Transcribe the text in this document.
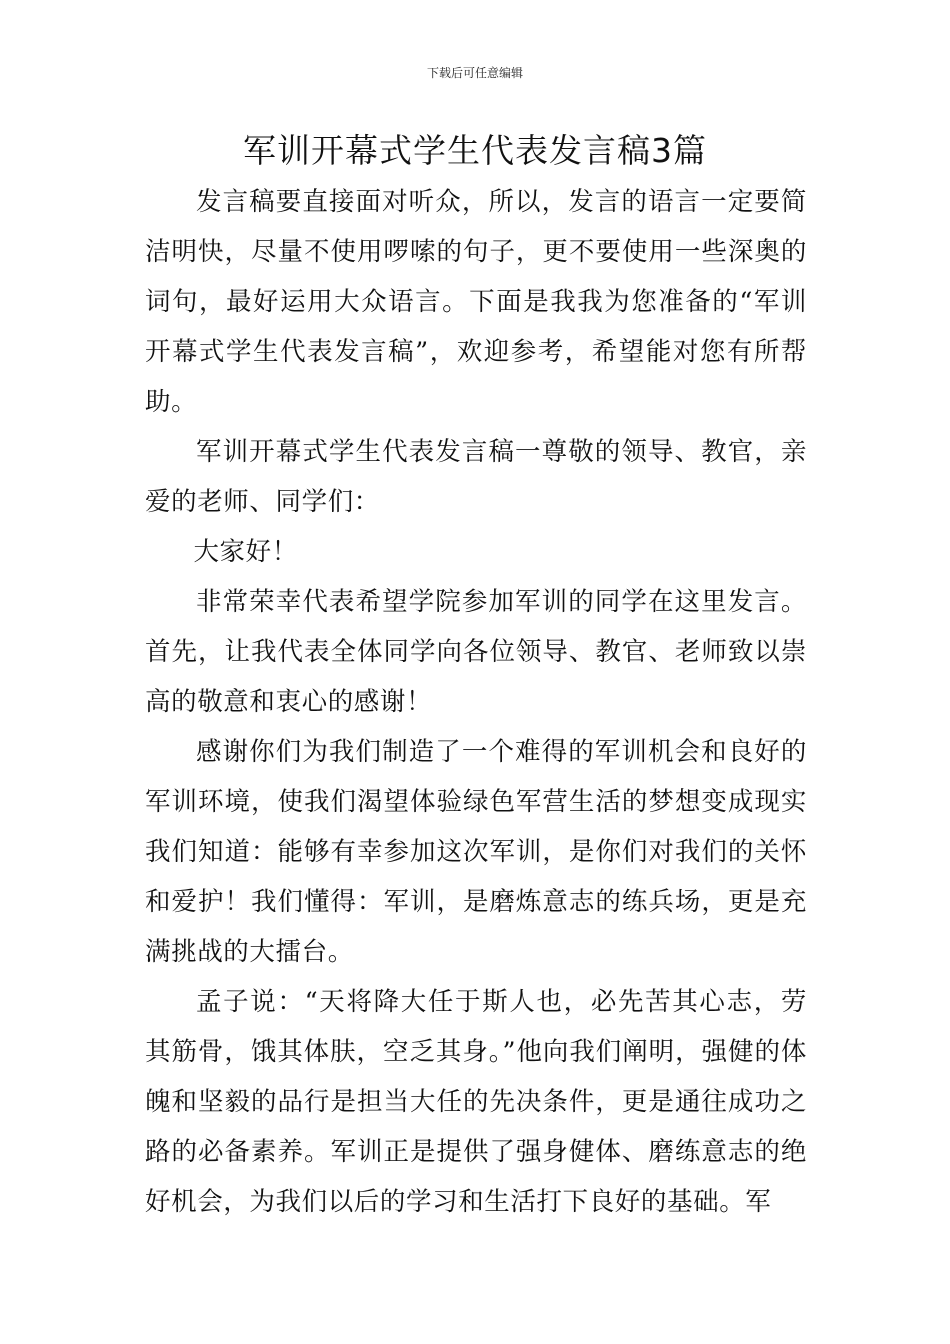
下载后可任意编辑
军训开幕式学生代表发言稿3篇

发言稿要直接面对听众，所以，发言的语言一定要简洁明快，尽量不使用啰嗦的句子，更不要使用一些深奥的词句，最好运用大众语言。下面是我我为您准备的“军训开幕式学生代表发言稿”，欢迎参考，希望能对您有所帮助。

军训开幕式学生代表发言稿一尊敬的领导、教官，亲爱的老师、同学们：

大家好！

非常荣幸代表希望学院参加军训的同学在这里发言。首先，让我代表全体同学向各位领导、教官、老师致以崇高的敬意和衷心的感谢！

感谢你们为我们制造了一个难得的军训机会和良好的军训环境，使我们渴望体验绿色军营生活的梦想变成现实我们知道：能够有幸参加这次军训，是你们对我们的关怀和爱护！我们懂得：军训，是磨炼意志的练兵场，更是充满挑战的大擂台。

孟子说：“天将降大任于斯人也，必先苦其心志，劳其筋骨，饿其体肤，空乏其身。”他向我们阐明，强健的体魄和坚毅的品行是担当大任的先决条件，更是通往成功之路的必备素养。军训正是提供了强身健体、磨练意志的绝好机会，为我们以后的学习和生活打下良好的基础。军
